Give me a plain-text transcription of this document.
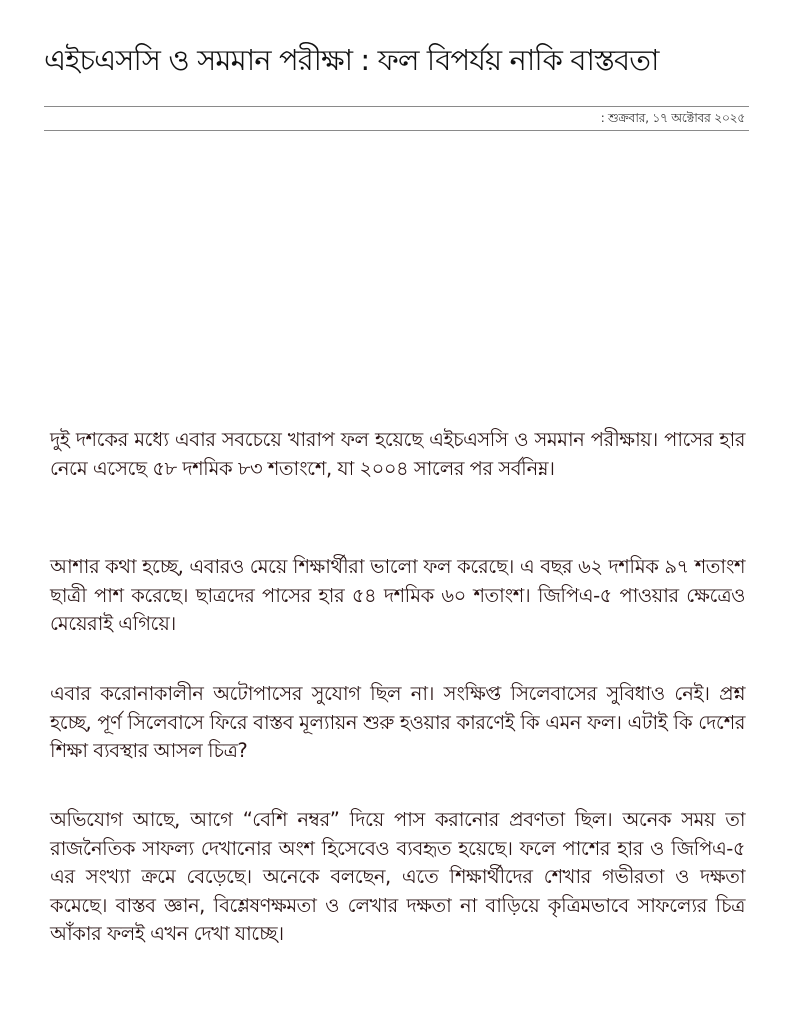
এইচএসসি ও সমমান পরীক্ষা : ফল বিপর্যয় নাকি বাস্তবতা
: শুক্রবার, ১৭ অক্টোবর ২০২৫

দুই দশকের মধ্যে এবার সবচেয়ে খারাপ ফল হয়েছে এইচএসসি ও সমমান পরীক্ষায়। পাসের হার নেমে এসেছে ৫৮ দশমিক ৮৩ শতাংশে, যা ২০০৪ সালের পর সর্বনিম্ন।

আশার কথা হচ্ছে, এবারও মেয়ে শিক্ষার্থীরা ভালো ফল করেছে। এ বছর ৬২ দশমিক ৯৭ শতাংশ ছাত্রী পাশ করেছে। ছাত্রদের পাসের হার ৫৪ দশমিক ৬০ শতাংশ। জিপিএ-৫ পাওয়ার ক্ষেত্রেও মেয়েরাই এগিয়ে।

এবার করোনাকালীন অটোপাসের সুযোগ ছিল না। সংক্ষিপ্ত সিলেবাসের সুবিধাও নেই। প্রশ্ন হচ্ছে, পূর্ণ সিলেবাসে ফিরে বাস্তব মূল্যায়ন শুরু হওয়ার কারণেই কি এমন ফল। এটাই কি দেশের শিক্ষা ব্যবস্থার আসল চিত্র?

অভিযোগ আছে, আগে “বেশি নম্বর” দিয়ে পাস করানোর প্রবণতা ছিল। অনেক সময় তা রাজনৈতিক সাফল্য দেখানোর অংশ হিসেবেও ব্যবহৃত হয়েছে। ফলে পাশের হার ও জিপিএ-৫ এর সংখ্যা ক্রমে বেড়েছে। অনেকে বলছেন, এতে শিক্ষার্থীদের শেখার গভীরতা ও দক্ষতা কমেছে। বাস্তব জ্ঞান, বিশ্লেষণক্ষমতা ও লেখার দক্ষতা না বাড়িয়ে কৃত্রিমভাবে সাফল্যের চিত্র আঁকার ফলই এখন দেখা যাচ্ছে।
